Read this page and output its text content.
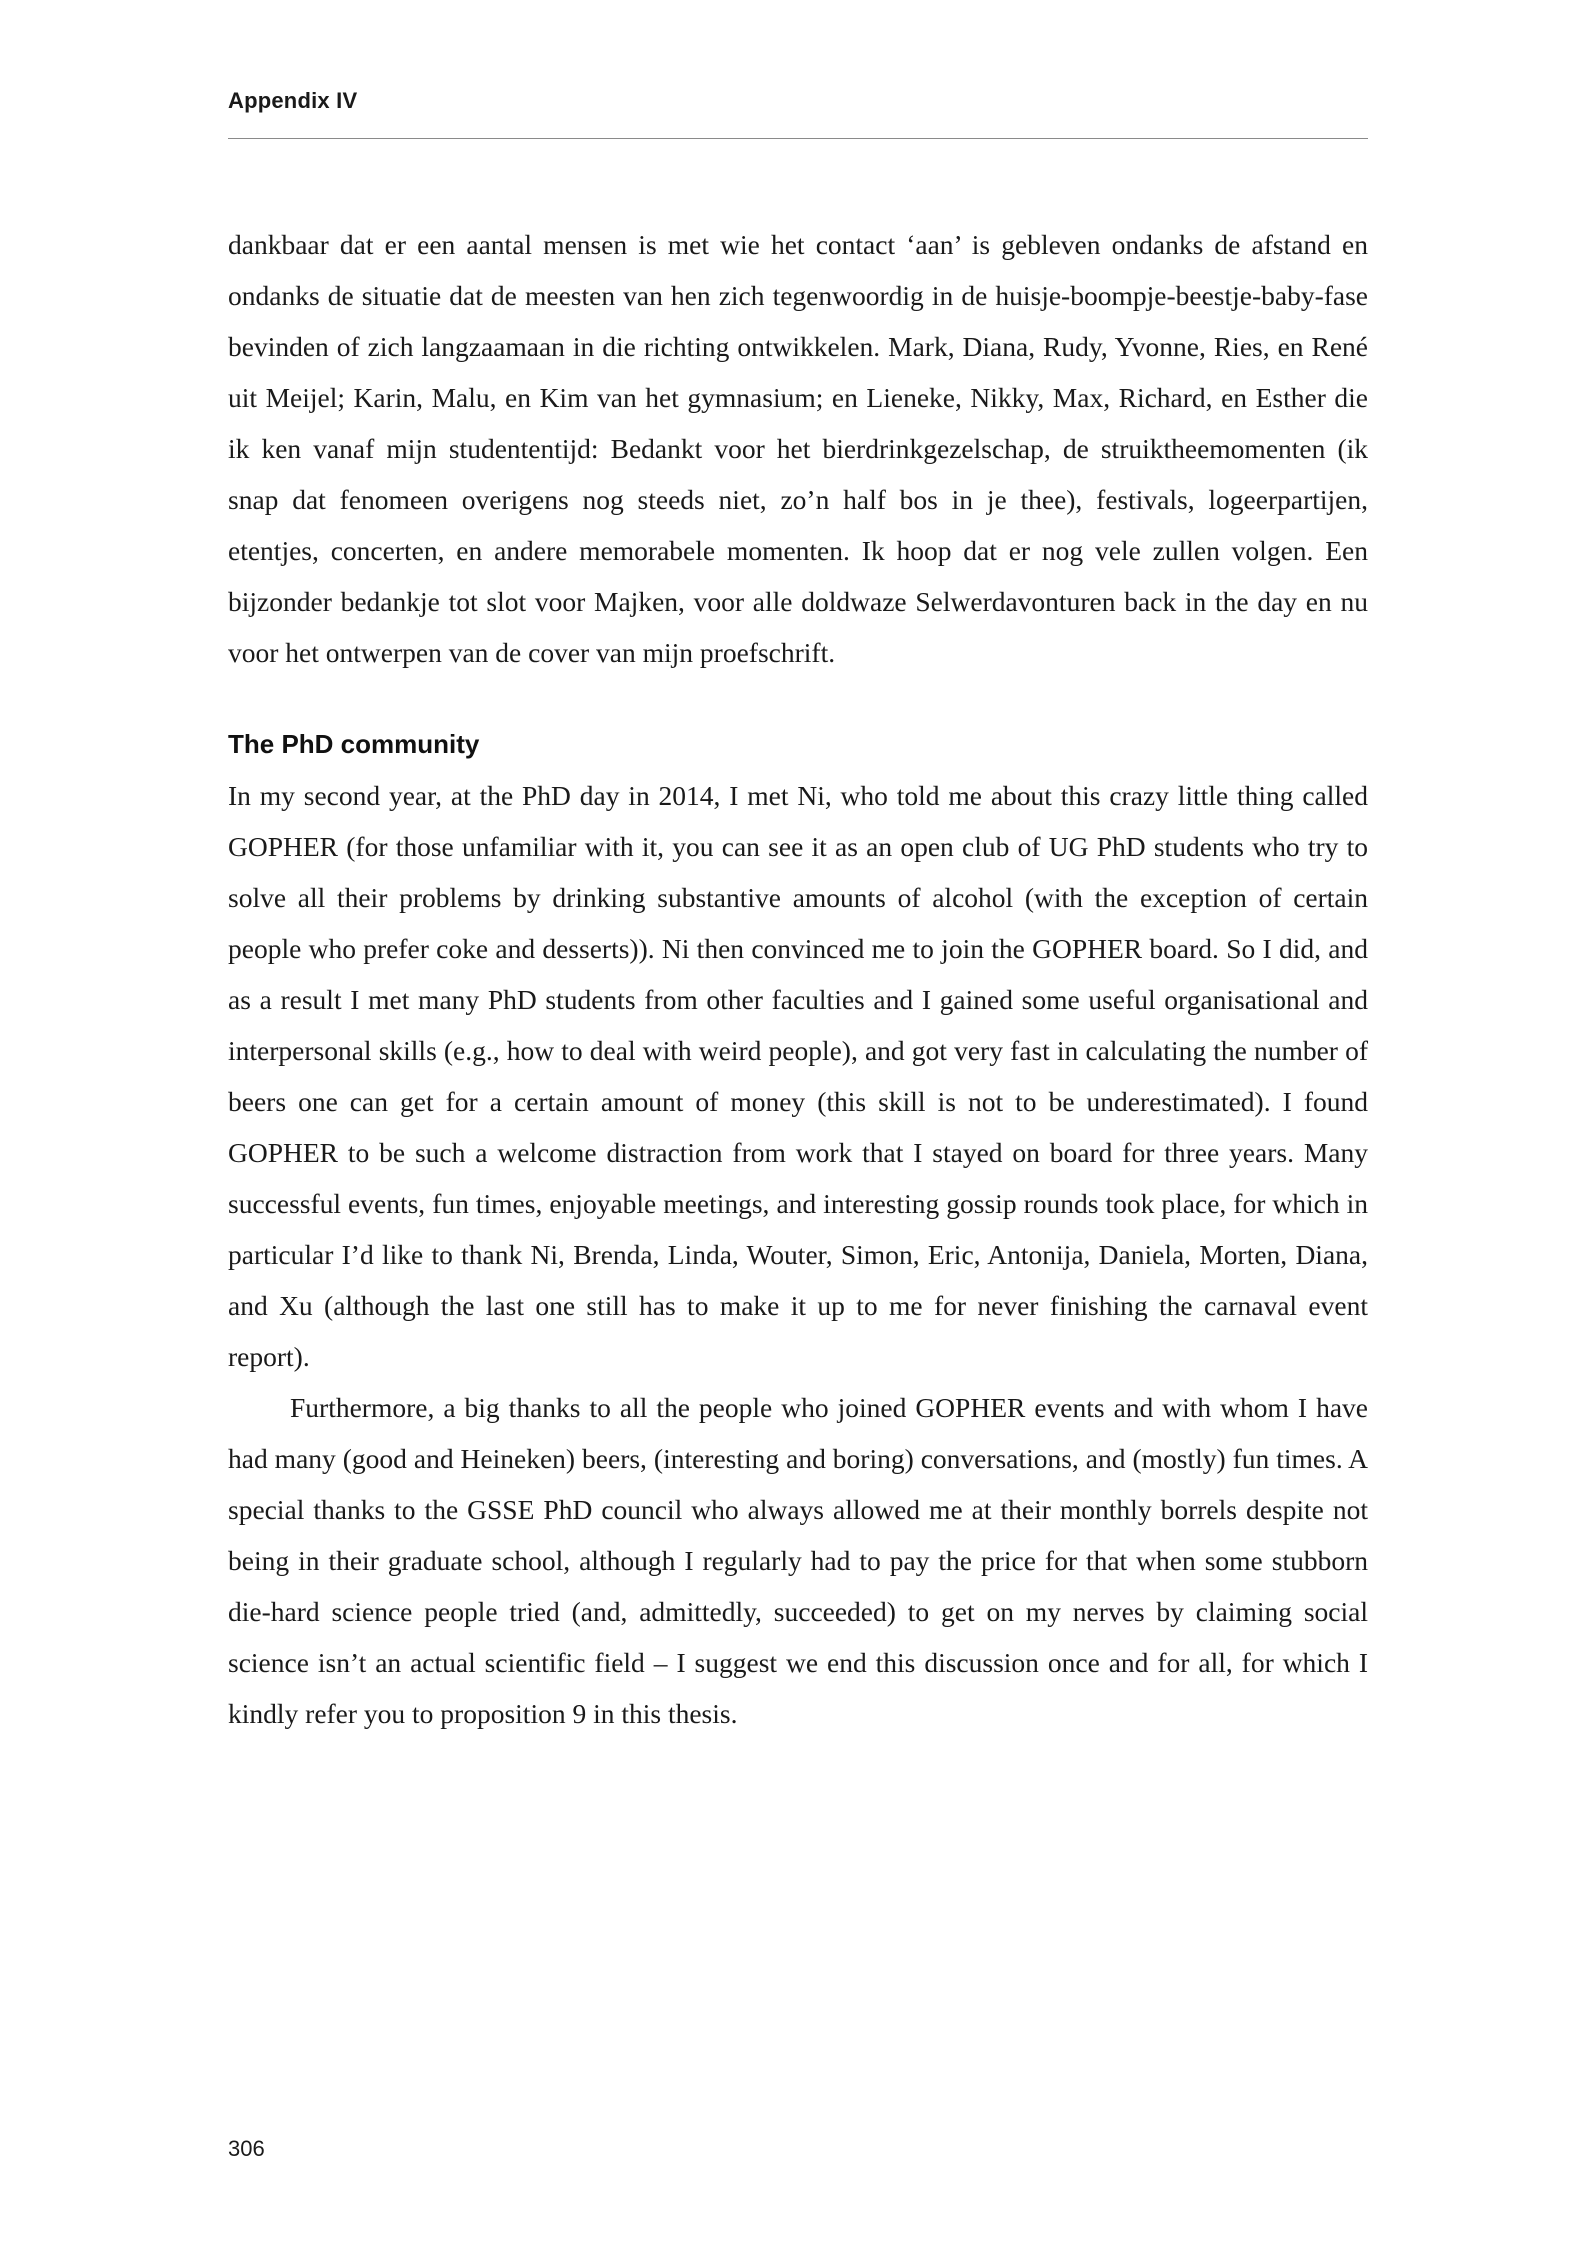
Appendix IV

dankbaar dat er een aantal mensen is met wie het contact ‘aan’ is gebleven ondanks de afstand en ondanks de situatie dat de meesten van hen zich tegenwoordig in de huisje-boompje-beestje-baby-fase bevinden of zich langzaamaan in die richting ontwikkelen. Mark, Diana, Rudy, Yvonne, Ries, en René uit Meijel; Karin, Malu, en Kim van het gymnasium; en Lieneke, Nikky, Max, Richard, en Esther die ik ken vanaf mijn studententijd: Bedankt voor het bierdrinkgezelschap, de struiktheemomenten (ik snap dat fenomeen overigens nog steeds niet, zo’n half bos in je thee), festivals, logeerpartijen, etentjes, concerten, en andere memorabele momenten. Ik hoop dat er nog vele zullen volgen. Een bijzonder bedankje tot slot voor Majken, voor alle doldwaze Selwerdavonturen back in the day en nu voor het ontwerpen van de cover van mijn proefschrift.

The PhD community

In my second year, at the PhD day in 2014, I met Ni, who told me about this crazy little thing called GOPHER (for those unfamiliar with it, you can see it as an open club of UG PhD students who try to solve all their problems by drinking substantive amounts of alcohol (with the exception of certain people who prefer coke and desserts)). Ni then convinced me to join the GOPHER board. So I did, and as a result I met many PhD students from other faculties and I gained some useful organisational and interpersonal skills (e.g., how to deal with weird people), and got very fast in calculating the number of beers one can get for a certain amount of money (this skill is not to be underestimated). I found GOPHER to be such a welcome distraction from work that I stayed on board for three years. Many successful events, fun times, enjoyable meetings, and interesting gossip rounds took place, for which in particular I’d like to thank Ni, Brenda, Linda, Wouter, Simon, Eric, Antonija, Daniela, Morten, Diana, and Xu (although the last one still has to make it up to me for never finishing the carnaval event report).

Furthermore, a big thanks to all the people who joined GOPHER events and with whom I have had many (good and Heineken) beers, (interesting and boring) conversations, and (mostly) fun times. A special thanks to the GSSE PhD council who always allowed me at their monthly borrels despite not being in their graduate school, although I regularly had to pay the price for that when some stubborn die-hard science people tried (and, admittedly, succeeded) to get on my nerves by claiming social science isn’t an actual scientific field – I suggest we end this discussion once and for all, for which I kindly refer you to proposition 9 in this thesis.

306
